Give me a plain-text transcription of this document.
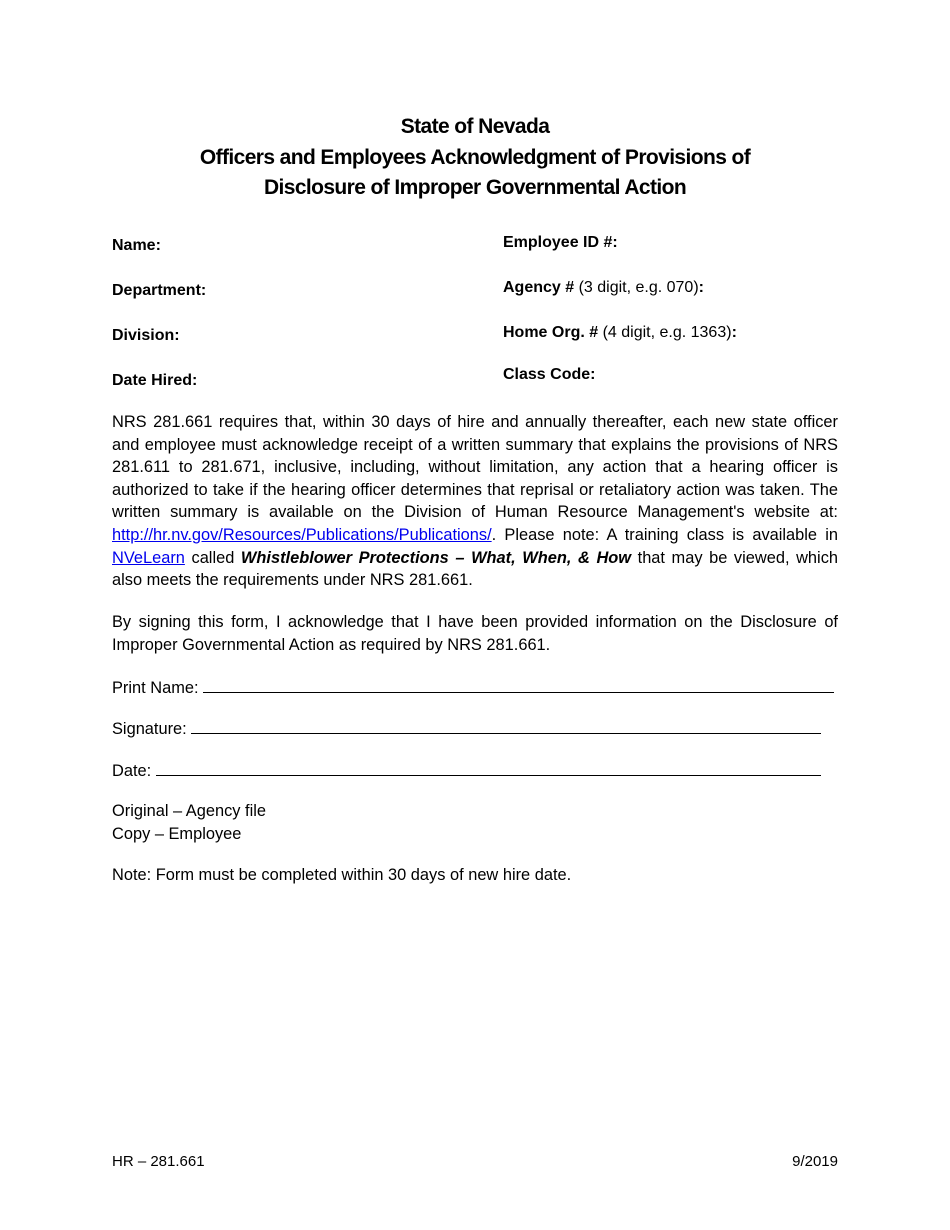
State of Nevada
Officers and Employees Acknowledgment of Provisions of
Disclosure of Improper Governmental Action
Name:
Department:
Division:
Date Hired:
Employee ID #:
Agency # (3 digit, e.g. 070):
Home Org. # (4 digit, e.g. 1363):
Class Code:
NRS 281.661 requires that, within 30 days of hire and annually thereafter, each new state officer and employee must acknowledge receipt of a written summary that explains the provisions of NRS 281.611 to 281.671, inclusive, including, without limitation, any action that a hearing officer is authorized to take if the hearing officer determines that reprisal or retaliatory action was taken. The written summary is available on the Division of Human Resource Management's website at: http://hr.nv.gov/Resources/Publications/Publications/. Please note: A training class is available in NVeLearn called Whistleblower Protections – What, When, & How that may be viewed, which also meets the requirements under NRS 281.661.
By signing this form, I acknowledge that I have been provided information on the Disclosure of Improper Governmental Action as required by NRS 281.661.
Print Name:
Signature:
Date:
Original – Agency file
Copy – Employee
Note: Form must be completed within 30 days of new hire date.
HR – 281.661	9/2019
